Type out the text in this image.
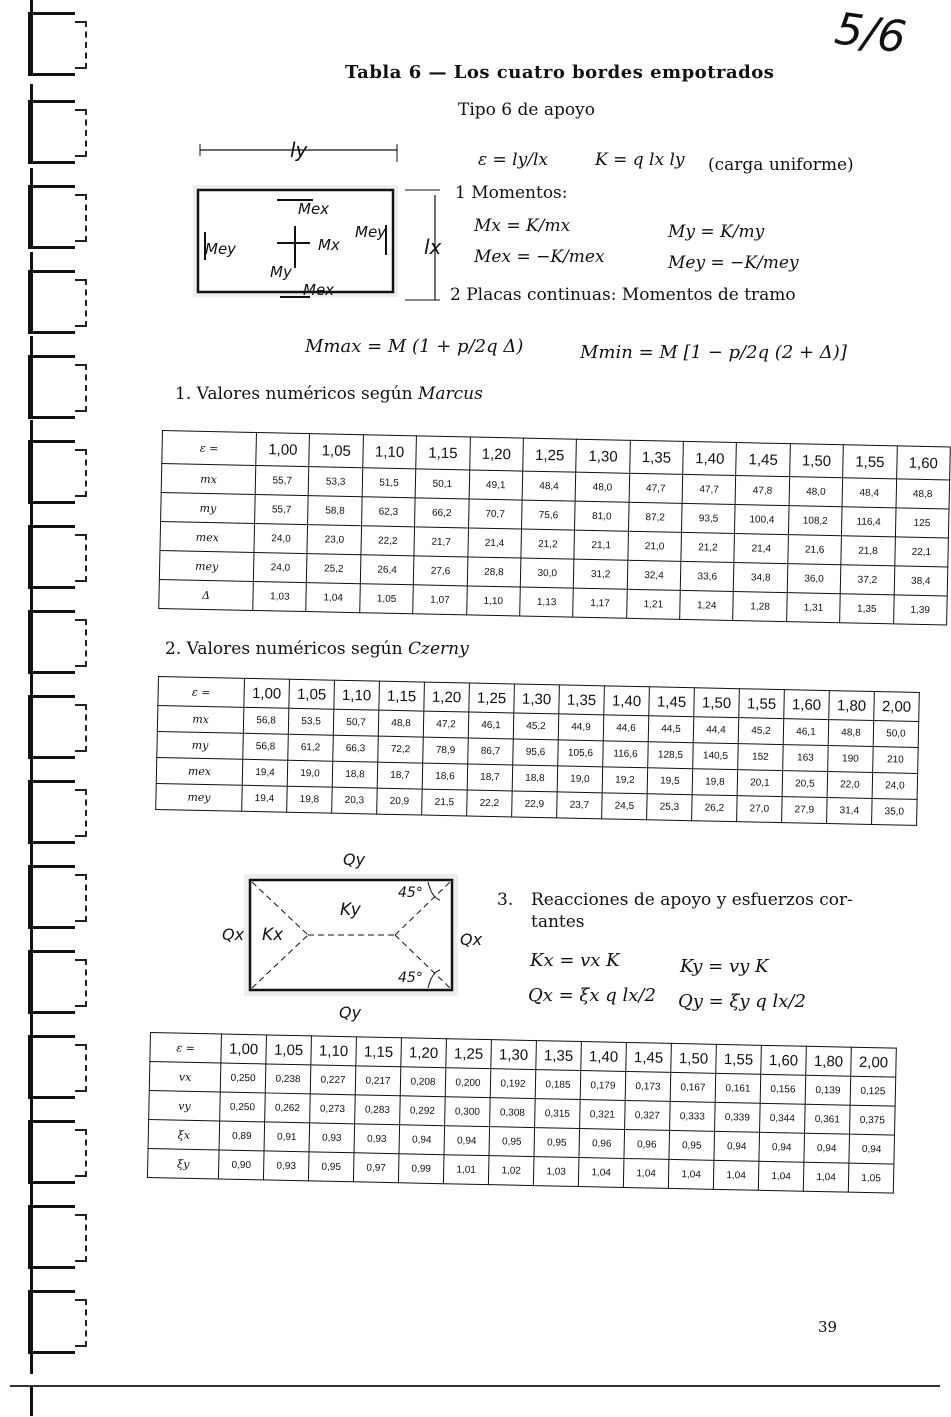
5/6
Tabla 6 — Los cuatro bordes empotrados
Tipo 6 de apoyo
ly
lx
Mex
Mey
Mey
Mx
My
Mex
ε = ly/lx	K = q lx ly (carga uniforme)
1 Momentos:
Mx = K/mx	My = K/my
Mex = −K/mex	Mey = −K/mey
2 Placas continuas: Momentos de tramo
Mmax = M (1 + p/2q Δ)	Mmin = M [1 − p/2q (2 + Δ)]
1. Valores numéricos según Marcus
ε =	1,00	1,05	1,10	1,15	1,20	1,25	1,30	1,35	1,40	1,45	1,50	1,55	1,60
mx	55,7	53,3	51,5	50,1	49,1	48,4	48,0	47,7	47,7	47,8	48,0	48,4	48,8
my	55,7	58,8	62,3	66,2	70,7	75,6	81,0	87,2	93,5	100,4	108,2	116,4	125
mex	24,0	23,0	22,2	21,7	21,4	21,2	21,1	21,0	21,2	21,4	21,6	21,8	22,1
mey	24,0	25,2	26,4	27,6	28,8	30,0	31,2	32,4	33,6	34,8	36,0	37,2	38,4
Δ	1,03	1,04	1,05	1,07	1,10	1,13	1,17	1,21	1,24	1,28	1,31	1,35	1,39
2. Valores numéricos según Czerny
ε =	1,00	1,05	1,10	1,15	1,20	1,25	1,30	1,35	1,40	1,45	1,50	1,55	1,60	1,80	2,00
mx	56,8	53,5	50,7	48,8	47,2	46,1	45,2	44,9	44,6	44,5	44,4	45,2	46,1	48,8	50,0
my	56,8	61,2	66,3	72,2	78,9	86,7	95,6	105,6	116,6	128,5	140,5	152	163	190	210
mex	19,4	19,0	18,8	18,7	18,6	18,7	18,8	19,0	19,2	19,5	19,8	20,1	20,5	22,0	24,0
mey	19,4	19,8	20,3	20,9	21,5	22,2	22,9	23,7	24,5	25,3	26,2	27,0	27,9	31,4	35,0
Qy
Qy
Qx	Qx
Ky
Kx
45°
45°
3. Reacciones de apoyo y esfuerzos cor-
tantes
Kx = vx K	Ky = vy K
Qx = ξx q lx/2 Qy = ξy q lx/2
ε =	1,00	1,05	1,10	1,15	1,20	1,25	1,30	1,35	1,40	1,45	1,50	1,55	1,60	1,80	2,00
vx	0,250	0,238	0,227	0,217	0,208	0,200	0,192	0,185	0,179	0,173	0,167	0,161	0,156	0,139	0,125
vy	0,250	0,262	0,273	0,283	0,292	0,300	0,308	0,315	0,321	0,327	0,333	0,339	0,344	0,361	0,375
ξx	0,89	0,91	0,93	0,93	0,94	0,94	0,95	0,95	0,96	0,96	0,95	0,94	0,94	0,94	0,94
ξy	0,90	0,93	0,95	0,97	0,99	1,01	1,02	1,03	1,04	1,04	1,04	1,04	1,04	1,04	1,05
39
